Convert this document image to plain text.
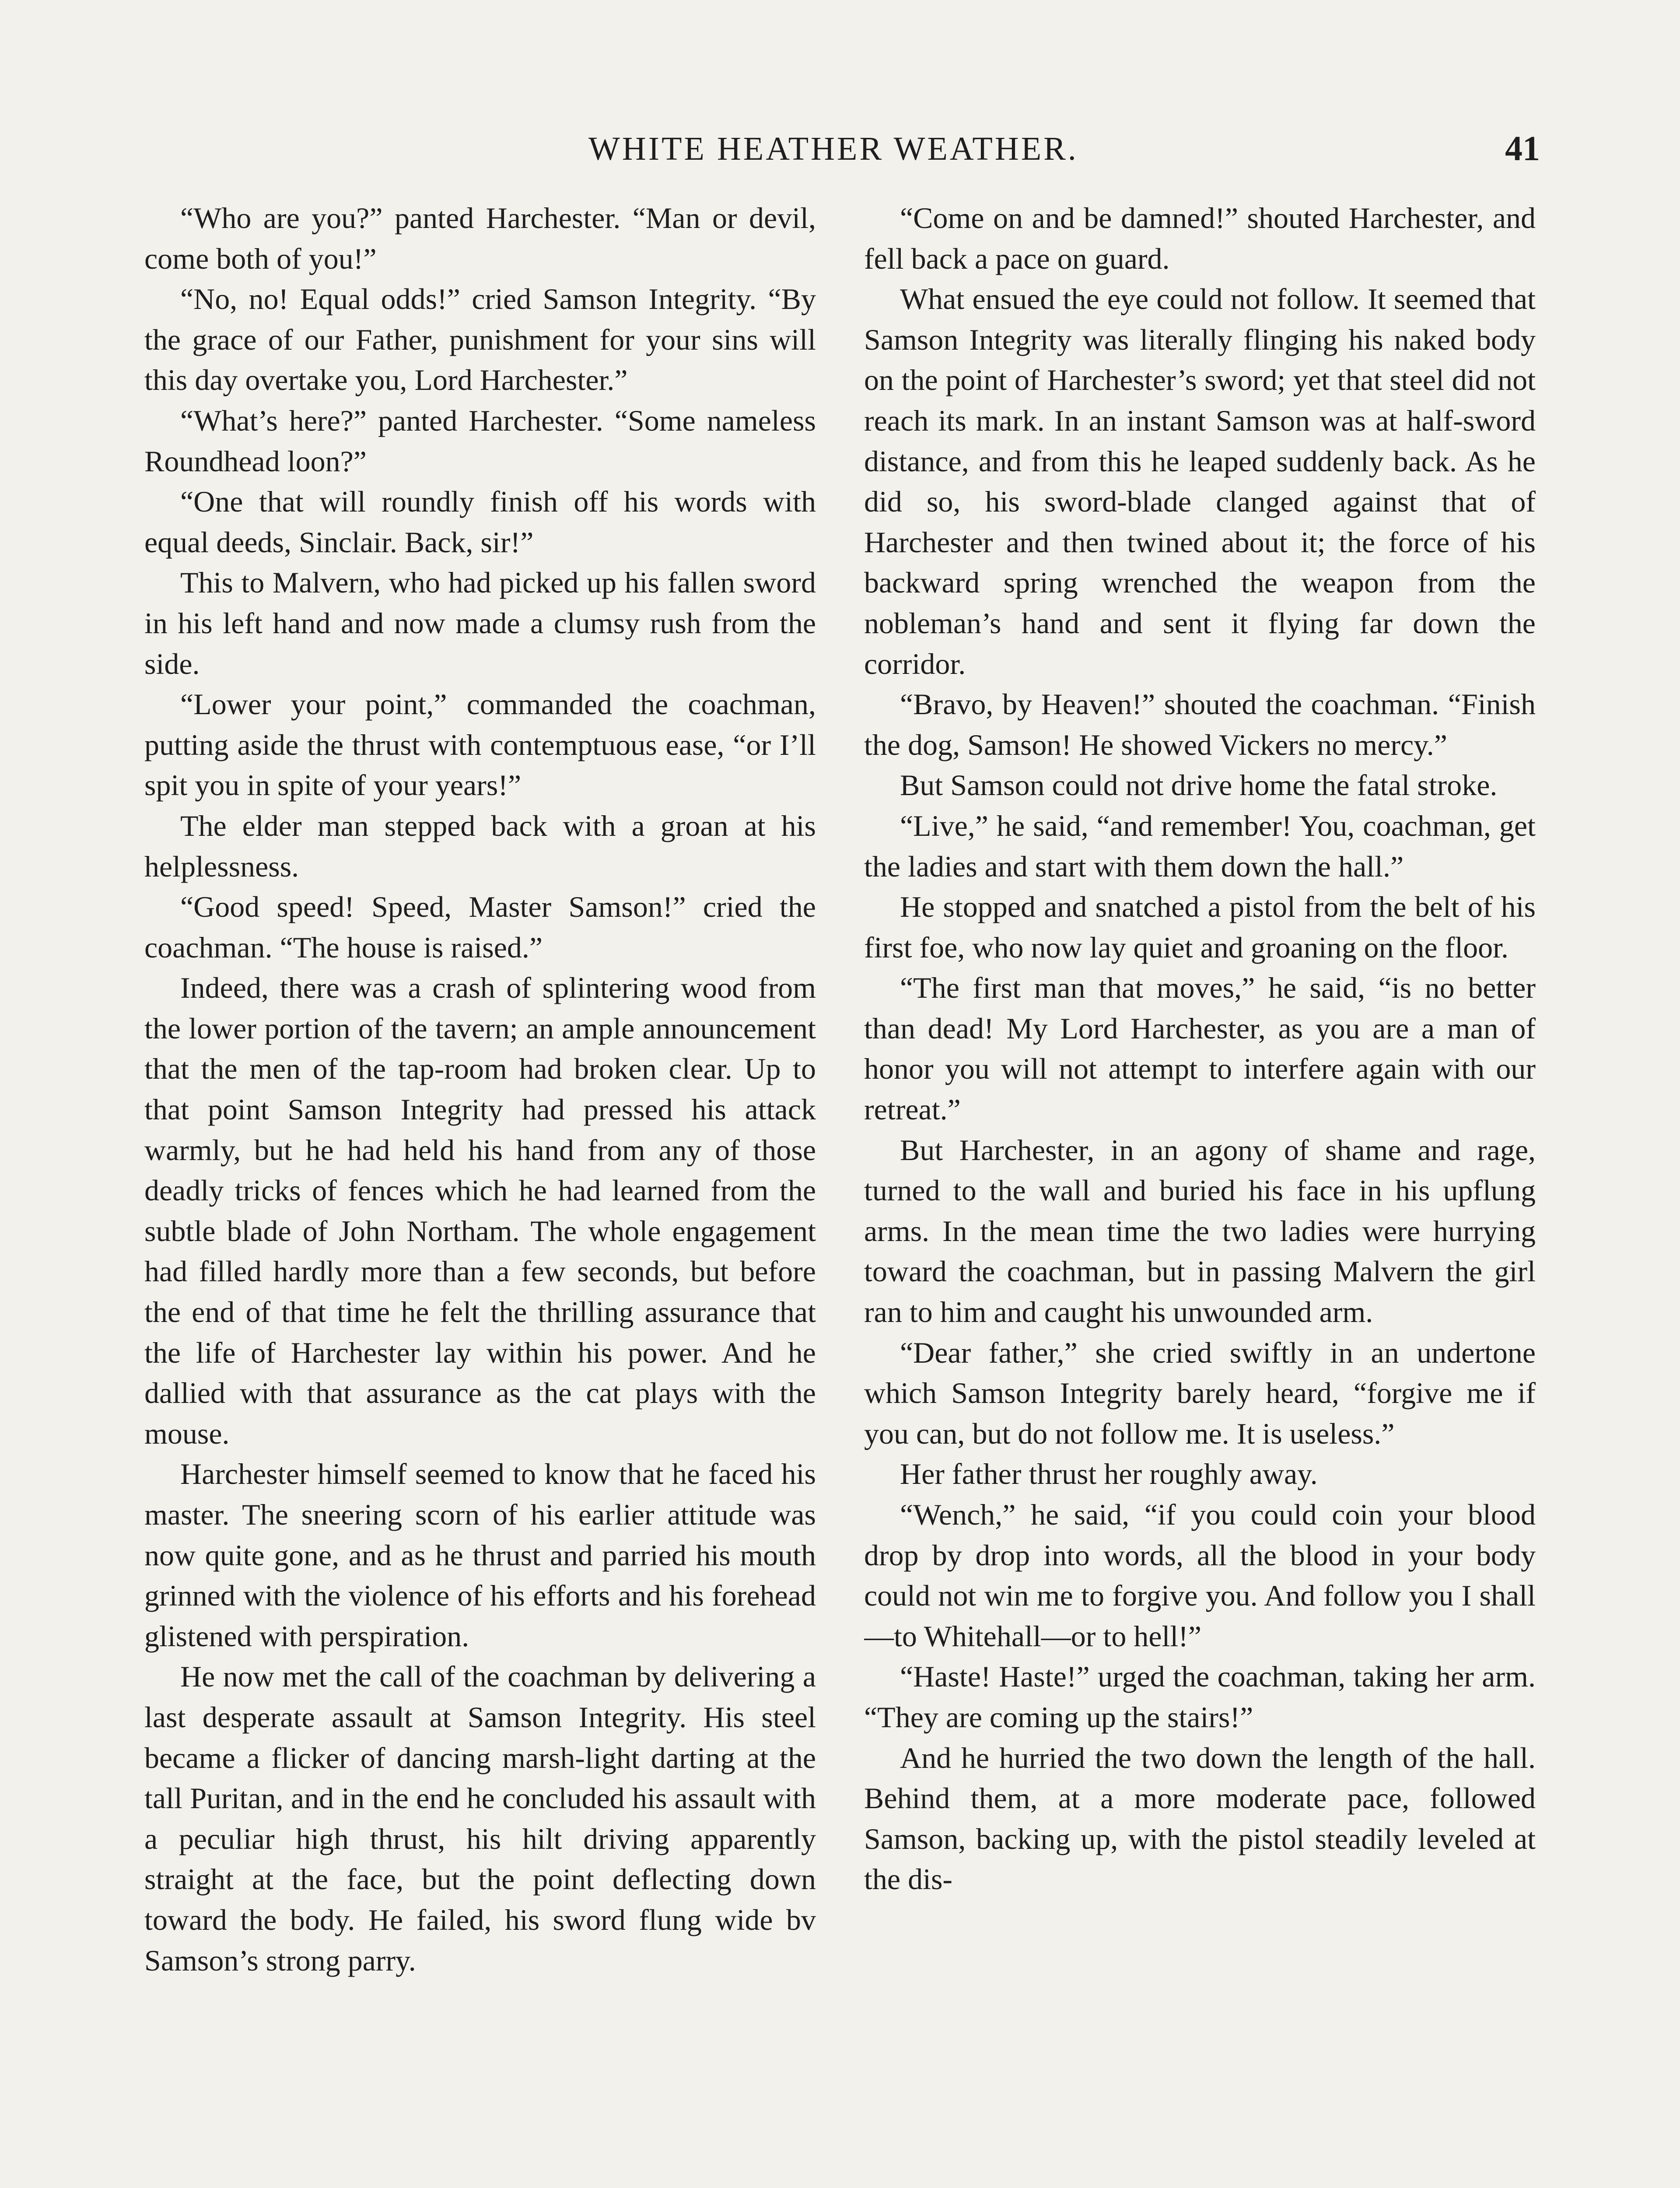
WHITE HEATHER WEATHER.	41

“Who are you?” panted Harchester. “Man or devil, come both of you!”

“No, no! Equal odds!” cried Samson Integrity. “By the grace of our Father, punishment for your sins will this day overtake you, Lord Harchester.”

“What’s here?” panted Harchester. “Some nameless Roundhead loon?”

“One that will roundly finish off his words with equal deeds, Sinclair. Back, sir!”

This to Malvern, who had picked up his fallen sword in his left hand and now made a clumsy rush from the side.

“Lower your point,” commanded the coachman, putting aside the thrust with contemptuous ease, “or I’ll spit you in spite of your years!”

The elder man stepped back with a groan at his helplessness.

“Good speed! Speed, Master Samson!” cried the coachman. “The house is raised.”

Indeed, there was a crash of splintering wood from the lower portion of the tavern; an ample announcement that the men of the tap-room had broken clear. Up to that point Samson Integrity had pressed his attack warmly, but he had held his hand from any of those deadly tricks of fences which he had learned from the subtle blade of John Northam. The whole engagement had filled hardly more than a few seconds, but before the end of that time he felt the thrilling assurance that the life of Harchester lay within his power. And he dallied with that assurance as the cat plays with the mouse.

Harchester himself seemed to know that he faced his master. The sneering scorn of his earlier attitude was now quite gone, and as he thrust and parried his mouth grinned with the violence of his efforts and his forehead glistened with perspiration.

He now met the call of the coachman by delivering a last desperate assault at Samson Integrity. His steel became a flicker of dancing marsh-light darting at the tall Puritan, and in the end he concluded his assault with a peculiar high thrust, his hilt driving apparently straight at the face, but the point deflecting down toward the body. He failed, his sword flung wide bv Samson’s strong parry.

“Come on and be damned!” shouted Harchester, and fell back a pace on guard.

What ensued the eye could not follow. It seemed that Samson Integrity was literally flinging his naked body on the point of Harchester’s sword; yet that steel did not reach its mark. In an instant Samson was at half-sword distance, and from this he leaped suddenly back. As he did so, his sword-blade clanged against that of Harchester and then twined about it; the force of his backward spring wrenched the weapon from the nobleman’s hand and sent it flying far down the corridor.

“Bravo, by Heaven!” shouted the coachman. “Finish the dog, Samson! He showed Vickers no mercy.”

But Samson could not drive home the fatal stroke.

“Live,” he said, “and remember! You, coachman, get the ladies and start with them down the hall.”

He stopped and snatched a pistol from the belt of his first foe, who now lay quiet and groaning on the floor.

“The first man that moves,” he said, “is no better than dead! My Lord Harchester, as you are a man of honor you will not attempt to interfere again with our retreat.”

But Harchester, in an agony of shame and rage, turned to the wall and buried his face in his upflung arms. In the mean time the two ladies were hurrying toward the coachman, but in passing Malvern the girl ran to him and caught his unwounded arm.

“Dear father,” she cried swiftly in an undertone which Samson Integrity barely heard, “forgive me if you can, but do not follow me. It is useless.”

Her father thrust her roughly away.

“Wench,” he said, “if you could coin your blood drop by drop into words, all the blood in your body could not win me to forgive you. And follow you I shall—to Whitehall—or to hell!”

“Haste! Haste!” urged the coachman, taking her arm. “They are coming up the stairs!”

And he hurried the two down the length of the hall. Behind them, at a more moderate pace, followed Samson, backing up, with the pistol steadily leveled at the dis-
